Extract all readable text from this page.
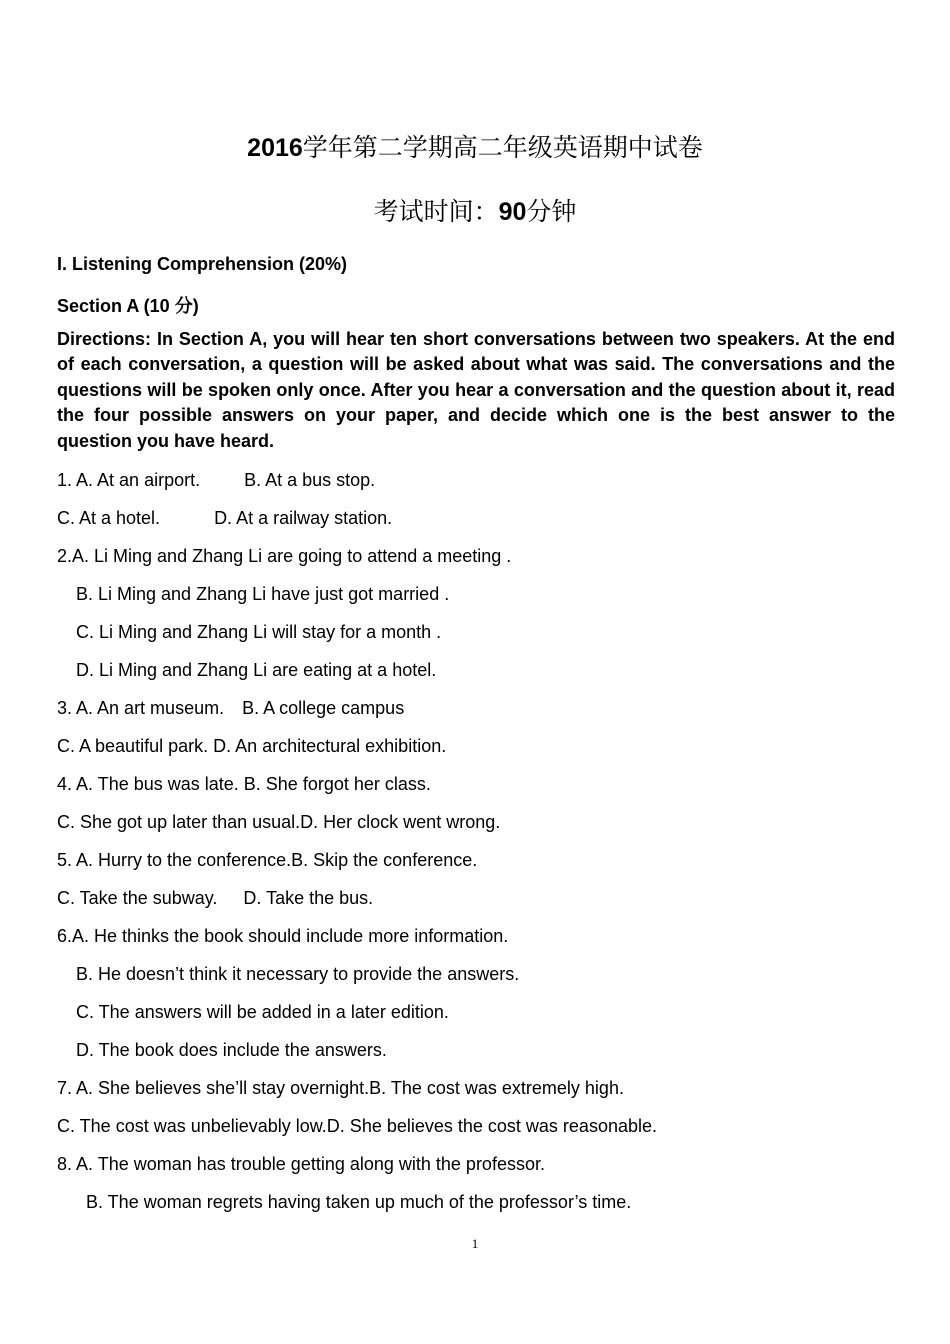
2016学年第二学期高二年级英语期中试卷
考试时间：90分钟
I. Listening Comprehension (20%)
Section A (10 分)
Directions: In Section A, you will hear ten short conversations between two speakers. At the end of each conversation, a question will be asked about what was said. The conversations and the questions will be spoken only once. After you hear a conversation and the question about it, read the four possible answers on your paper, and decide which one is the best answer to the question you have heard.
1. A. At an airport. B. At a bus stop.
C. At a hotel.	D. At a railway station.
2.A. Li Ming and Zhang Li are going to attend a meeting .
B. Li Ming and Zhang Li have just got married .
C. Li Ming and Zhang Li will stay for a month .
D. Li Ming and Zhang Li are eating at a hotel.
3. A. An art museum. B. A college campus
C. A beautiful park. D. An architectural exhibition.
4. A. The bus was late. B. She forgot her class.
C. She got up later than usual.D. Her clock went wrong.
5. A. Hurry to the conference.B. Skip the conference.
C. Take the subway. D. Take the bus.
6.A. He thinks the book should include more information.
B. He doesn’t think it necessary to provide the answers.
C. The answers will be added in a later edition.
D. The book does include the answers.
7. A. She believes she’ll stay overnight.B. The cost was extremely high.
C. The cost was unbelievably low.D. She believes the cost was reasonable.
8. A. The woman has trouble getting along with the professor.
B. The woman regrets having taken up much of the professor’s time.
1
